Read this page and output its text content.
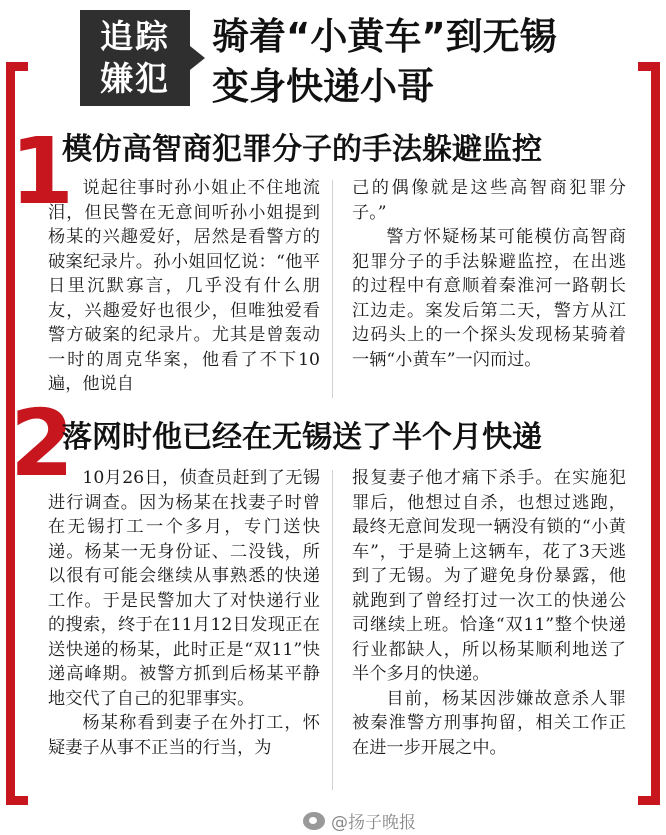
追踪
嫌犯
骑着“小黄车”到无锡
变身快递小哥
1
模仿高智商犯罪分子的手法躲避监控

说起往事时孙小姐止不住地流泪，但民警在无意间听孙小姐提到杨某的兴趣爱好，居然是看警方的破案纪录片。孙小姐回忆说：“他平日里沉默寡言，几乎没有什么朋友，兴趣爱好也很少，但唯独爱看警方破案的纪录片。尤其是曾轰动一时的周克华案，他看了不下10遍，他说自

己的偶像就是这些高智商犯罪分子。”

警方怀疑杨某可能模仿高智商犯罪分子的手法躲避监控，在出逃的过程中有意顺着秦淮河一路朝长江边走。案发后第二天，警方从江边码头上的一个探头发现杨某骑着一辆“小黄车”一闪而过。

2
落网时他已经在无锡送了半个月快递

10月26日，侦查员赶到了无锡进行调查。因为杨某在找妻子时曾在无锡打工一个多月，专门送快递。杨某一无身份证、二没钱，所以很有可能会继续从事熟悉的快递工作。于是民警加大了对快递行业的搜索，终于在11月12日发现正在送快递的杨某，此时正是“双11”快递高峰期。被警方抓到后杨某平静地交代了自己的犯罪事实。

杨某称看到妻子在外打工，怀疑妻子从事不正当的行当，为

报复妻子他才痛下杀手。在实施犯罪后，他想过自杀，也想过逃跑，最终无意间发现一辆没有锁的“小黄车”，于是骑上这辆车，花了3天逃到了无锡。为了避免身份暴露，他就跑到了曾经打过一次工的快递公司继续上班。恰逢“双11”整个快递行业都缺人，所以杨某顺利地送了半个多月的快递。

目前，杨某因涉嫌故意杀人罪被秦淮警方刑事拘留，相关工作正在进一步开展之中。

@扬子晚报
